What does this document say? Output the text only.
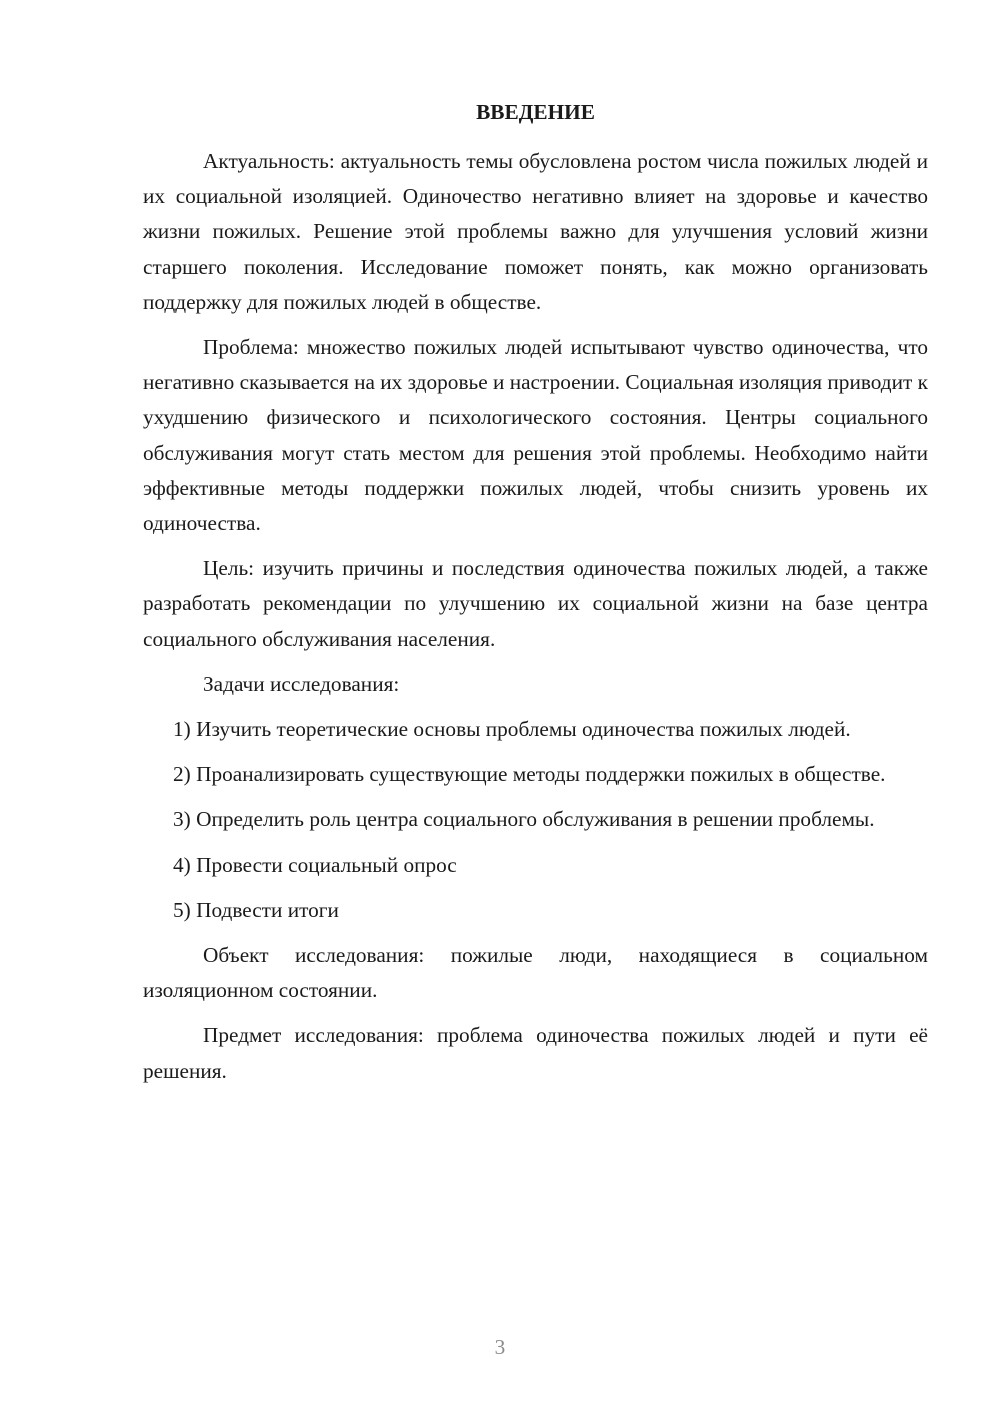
ВВЕДЕНИЕ

Актуальность: актуальность темы обусловлена ростом числа пожилых людей и их социальной изоляцией. Одиночество негативно влияет на здоровье и качество жизни пожилых. Решение этой проблемы важно для улучшения условий жизни старшего поколения. Исследование поможет понять, как можно организовать поддержку для пожилых людей в обществе.

Проблема: множество пожилых людей испытывают чувство одиночества, что негативно сказывается на их здоровье и настроении. Социальная изоляция приводит к ухудшению физического и психологического состояния. Центры социального обслуживания могут стать местом для решения этой проблемы. Необходимо найти эффективные методы поддержки пожилых людей, чтобы снизить уровень их одиночества.

Цель: изучить причины и последствия одиночества пожилых людей, а также разработать рекомендации по улучшению их социальной жизни на базе центра социального обслуживания населения.

Задачи исследования:

1) Изучить теоретические основы проблемы одиночества пожилых людей.

2) Проанализировать существующие методы поддержки пожилых в обществе.

3) Определить роль центра социального обслуживания в решении проблемы.

4) Провести социальный опрос

5) Подвести итоги

Объект исследования: пожилые люди, находящиеся в социальном изоляционном состоянии.

Предмет исследования: проблема одиночества пожилых людей и пути её решения.

3
